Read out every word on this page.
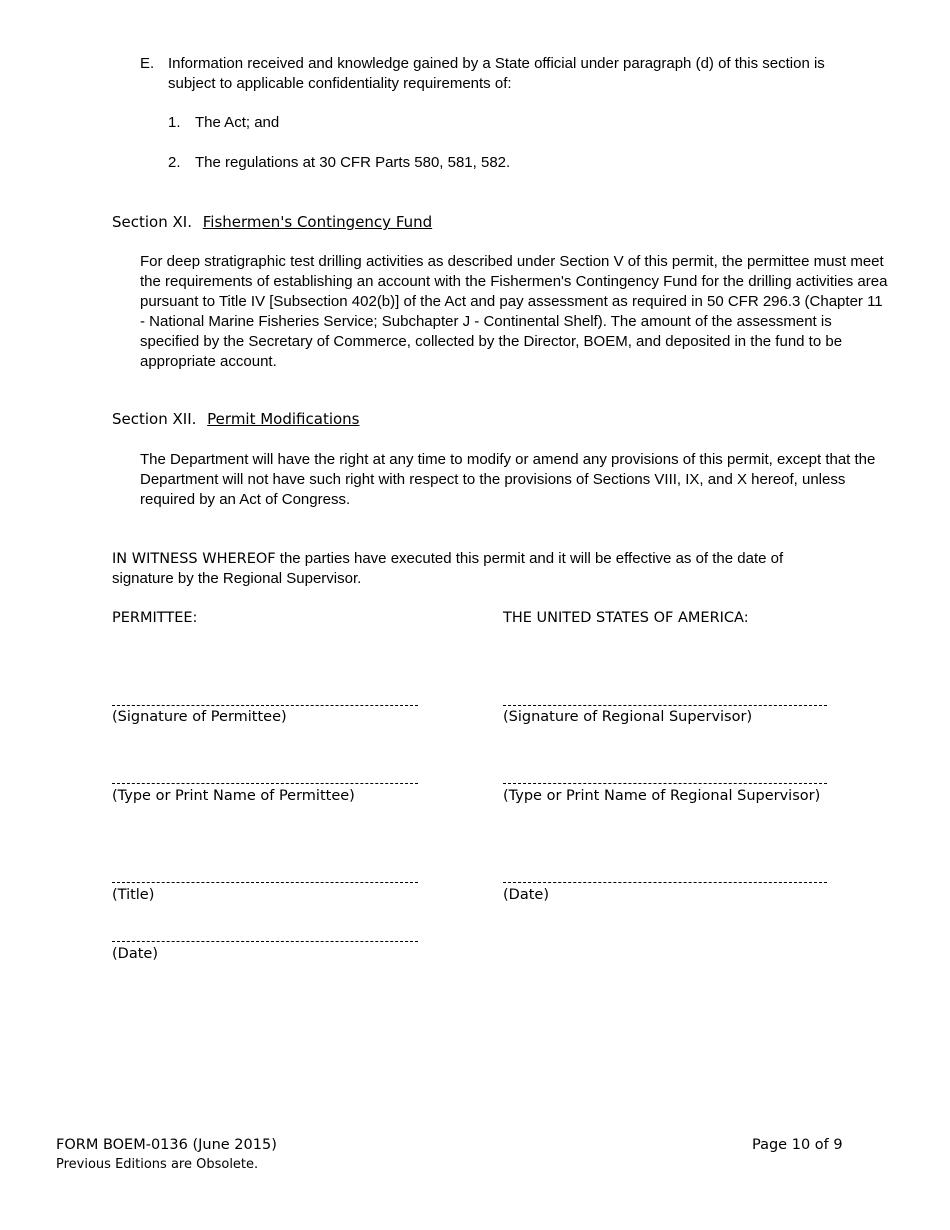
E. Information received and knowledge gained by a State official under paragraph (d) of this section is subject to applicable confidentiality requirements of:
1. The Act; and
2. The regulations at 30 CFR Parts 580, 581, 582.
Section XI. Fishermen's Contingency Fund
For deep stratigraphic test drilling activities as described under Section V of this permit, the permittee must meet the requirements of establishing an account with the Fishermen's Contingency Fund for the drilling activities area pursuant to Title IV [Subsection 402(b)] of the Act and pay assessment as required in 50 CFR 296.3 (Chapter 11 - National Marine Fisheries Service; Subchapter J - Continental Shelf). The amount of the assessment is specified by the Secretary of Commerce, collected by the Director, BOEM, and deposited in the fund to be appropriate account.
Section XII. Permit Modifications
The Department will have the right at any time to modify or amend any provisions of this permit, except that the Department will not have such right with respect to the provisions of Sections VIII, IX, and X hereof, unless required by an Act of Congress.
IN WITNESS WHEREOF the parties have executed this permit and it will be effective as of the date of signature by the Regional Supervisor.
PERMITTEE:	THE UNITED STATES OF AMERICA:
(Signature of Permittee)
(Type or Print Name of Permittee)
(Title)
(Date)
(Signature of Regional Supervisor)
(Type or Print Name of Regional Supervisor)
(Date)
FORM BOEM-0136 (June 2015)
Previous Editions are Obsolete.
Page 10 of 9
